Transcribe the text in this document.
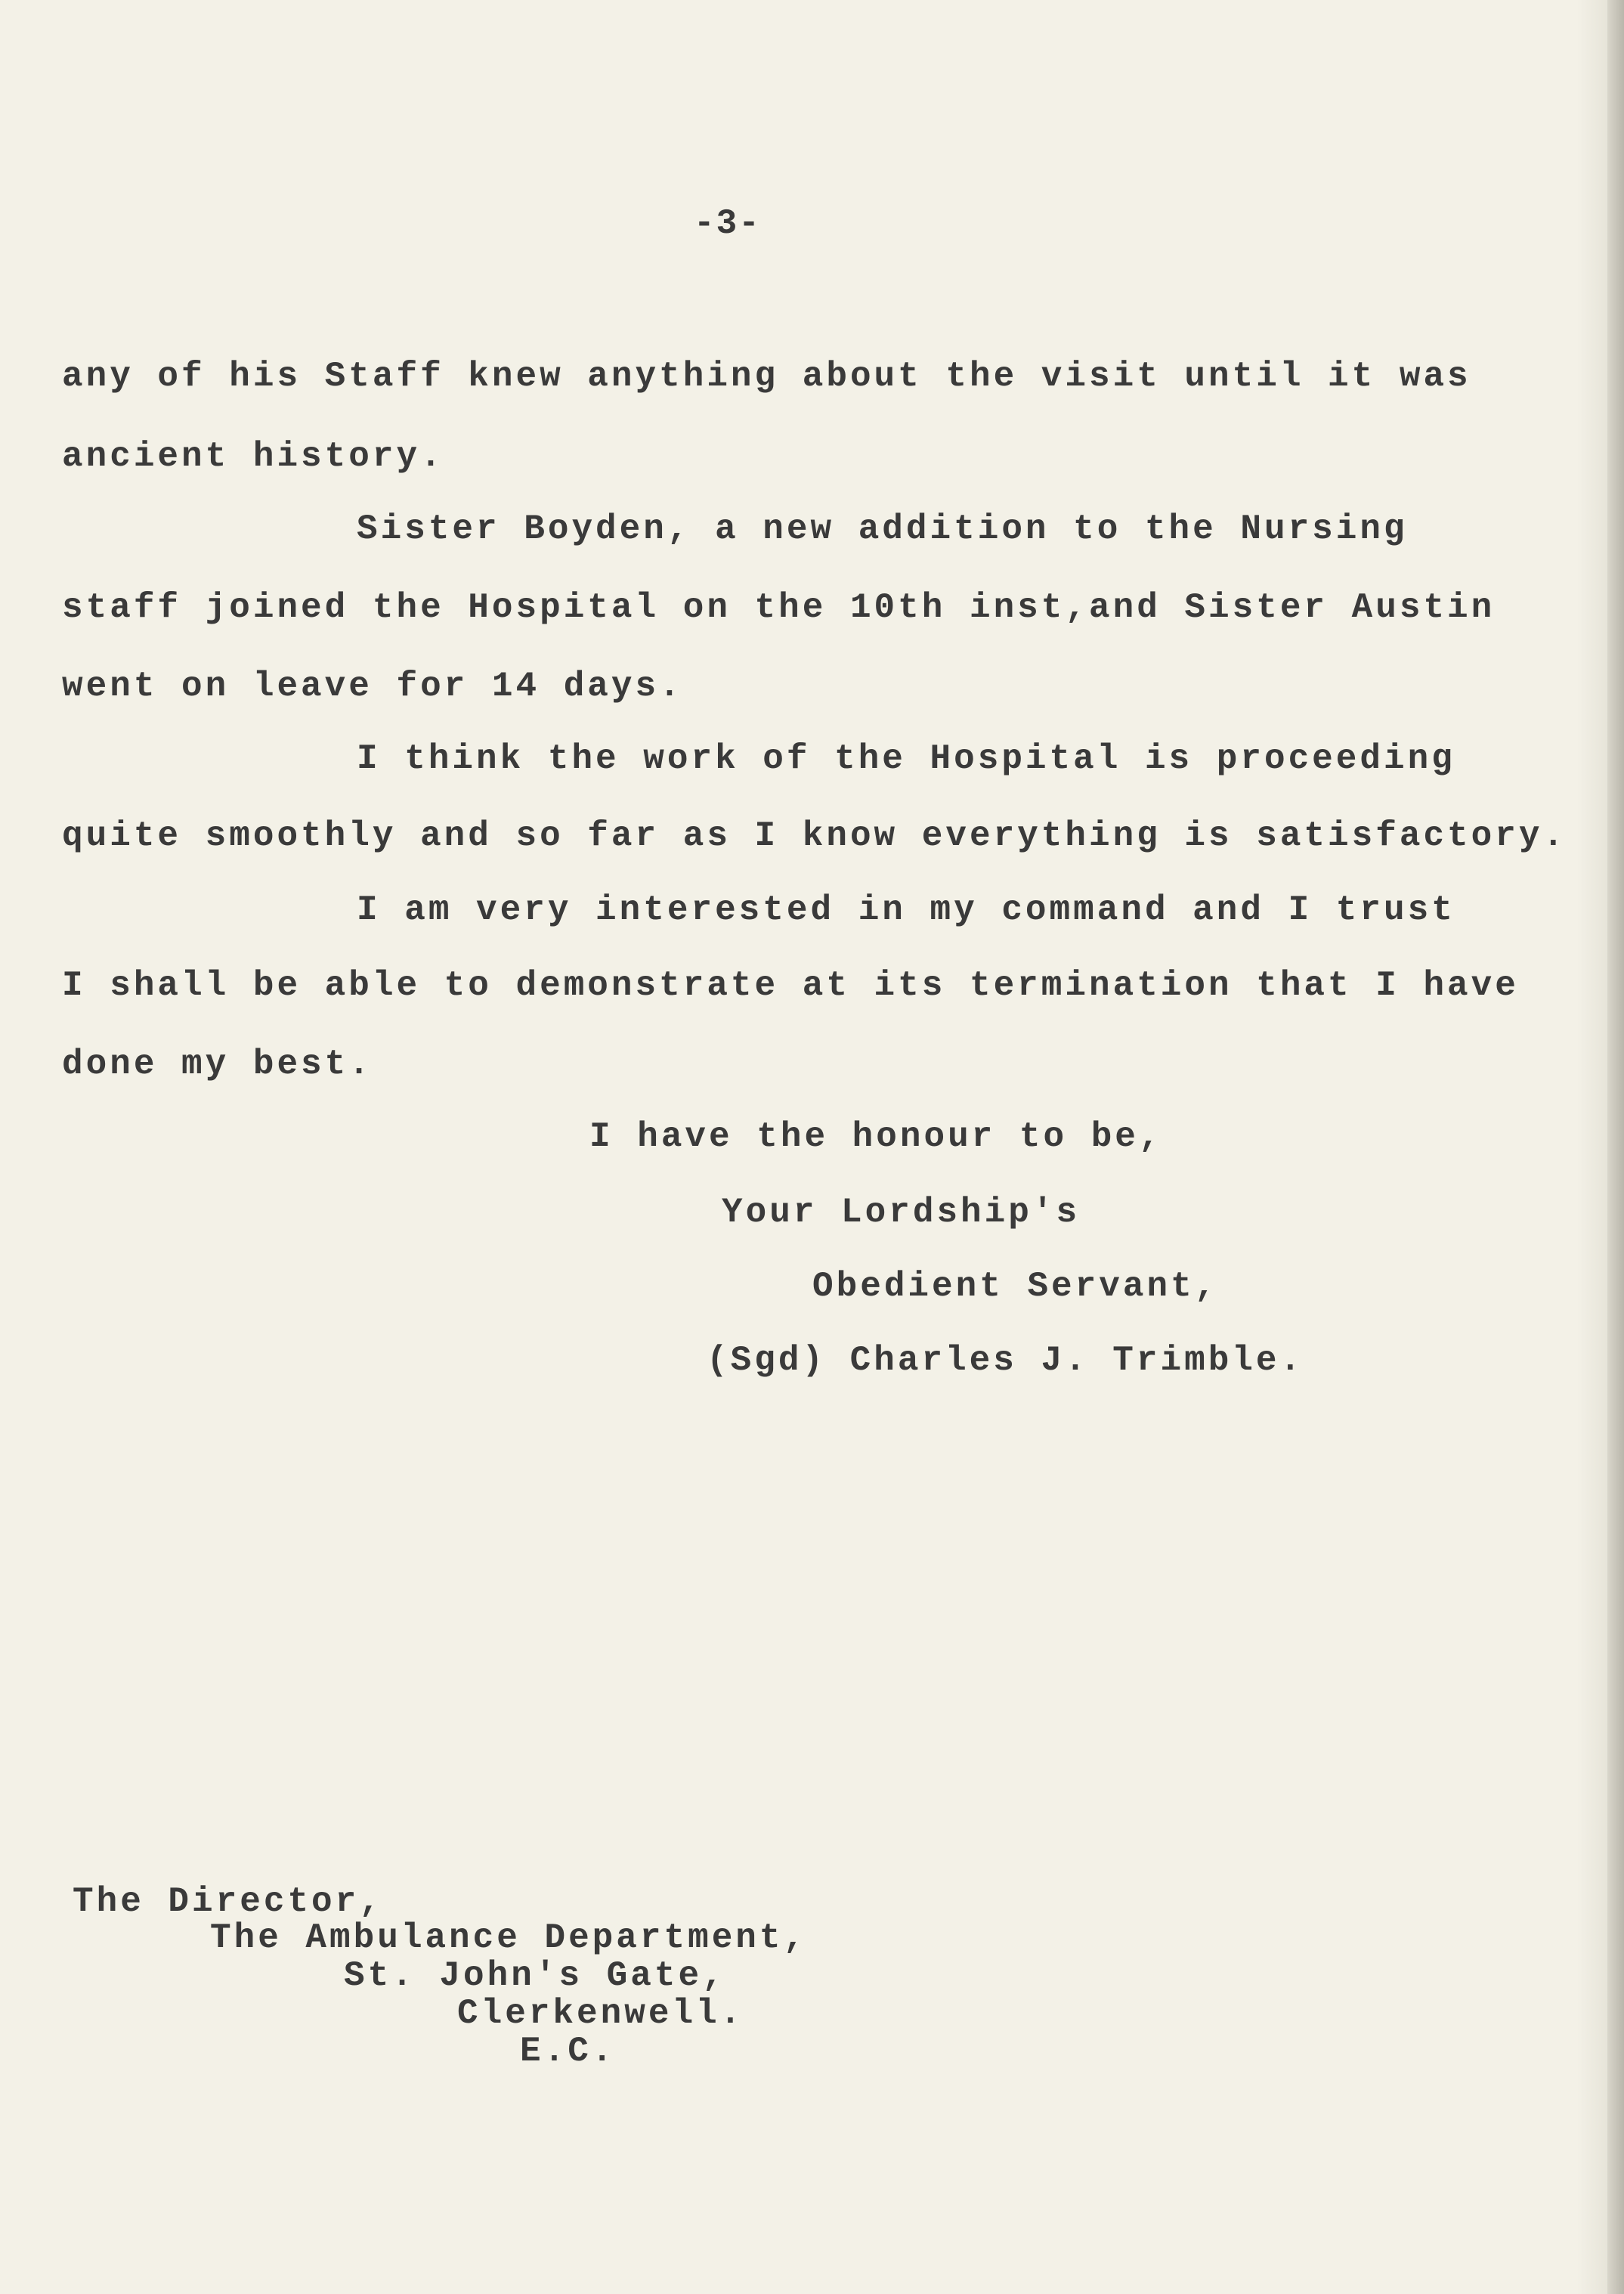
-3-
any of his Staff knew anything about the visit until it was
ancient history.
Sister Boyden, a new addition to the Nursing
staff joined the Hospital on the 10th inst,and Sister Austin
went on leave for 14 days.
I think the work of the Hospital is proceeding
quite smoothly and so far as I know everything is satisfactory.
I am very interested in my command and I trust
I shall be able to demonstrate at its termination that I have
done my best.
I have the honour to be,
Your Lordship's
Obedient Servant,
(Sgd) Charles J. Trimble.
The Director,
The Ambulance Department,
St. John's Gate,
Clerkenwell.
E.C.
